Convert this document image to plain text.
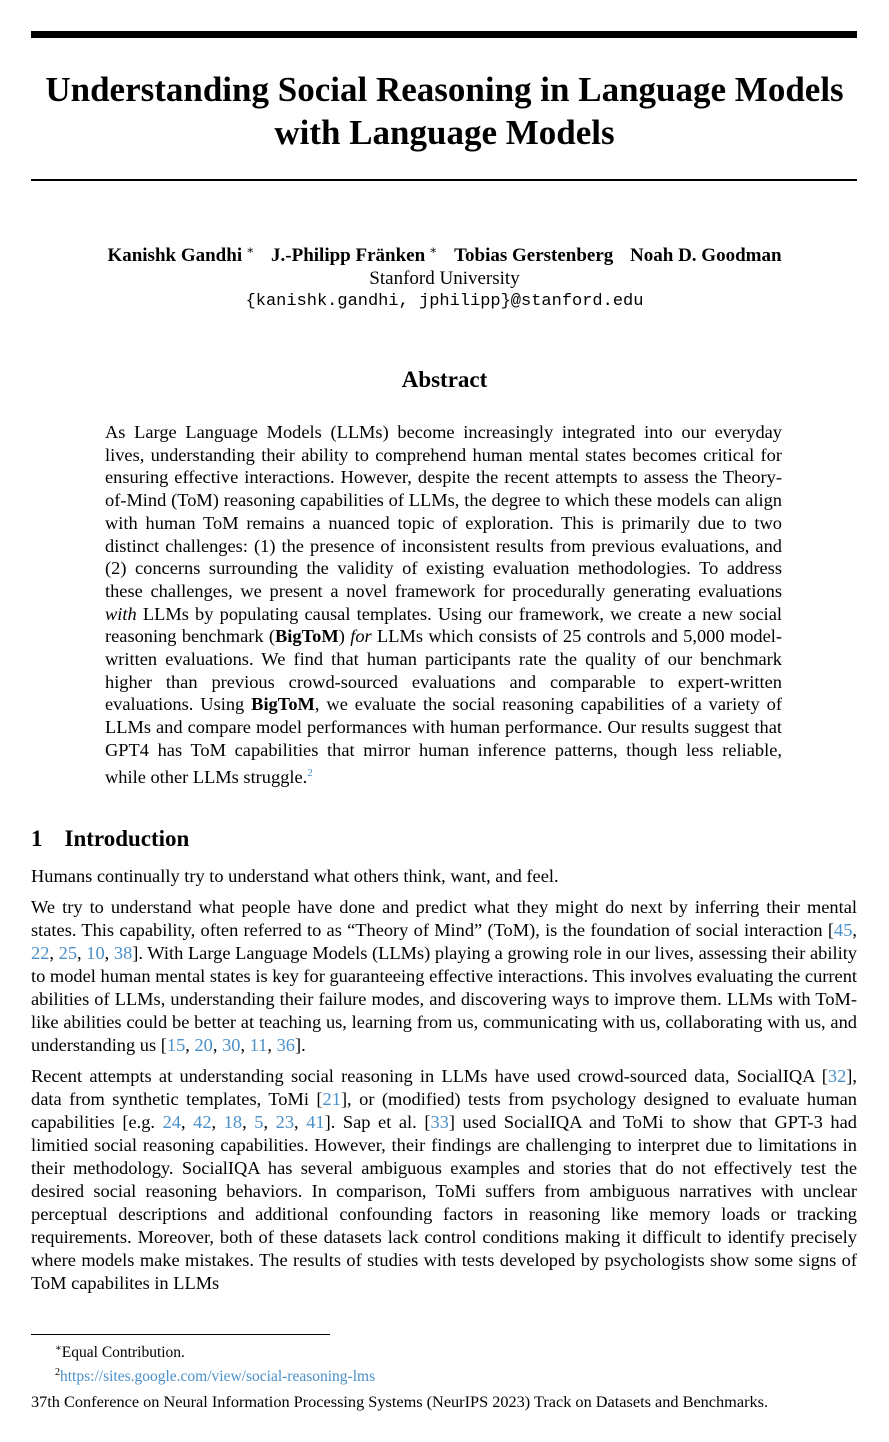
Understanding Social Reasoning in Language Models
with Language Models
Kanishk Gandhi ∗ J.-Philipp Fränken ∗ Tobias Gerstenberg Noah D. Goodman
Stanford University
{kanishk.gandhi, jphilipp}@stanford.edu
Abstract

As Large Language Models (LLMs) become increasingly integrated into our everyday lives, understanding their ability to comprehend human mental states becomes critical for ensuring effective interactions. However, despite the recent attempts to assess the Theory-of-Mind (ToM) reasoning capabilities of LLMs, the degree to which these models can align with human ToM remains a nuanced topic of exploration. This is primarily due to two distinct challenges: (1) the presence of inconsistent results from previous evaluations, and (2) concerns surrounding the validity of existing evaluation methodologies. To address these challenges, we present a novel framework for procedurally generating evaluations with LLMs by populating causal templates. Using our framework, we create a new social reasoning benchmark (BigToM) for LLMs which consists of 25 controls and 5,000 model-written evaluations. We find that human participants rate the quality of our benchmark higher than previous crowd-sourced evaluations and comparable to expert-written evaluations. Using BigToM, we evaluate the social reasoning capabilities of a variety of LLMs and compare model performances with human performance. Our results suggest that GPT4 has ToM capabilities that mirror human inference patterns, though less reliable, while other LLMs struggle.$^2$

1 Introduction

Humans continually try to understand what others think, want, and feel.

We try to understand what people have done and predict what they might do next by inferring their mental states. This capability, often referred to as “Theory of Mind” (ToM), is the foundation of social interaction [45, 22, 25, 10, 38]. With Large Language Models (LLMs) playing a growing role in our lives, assessing their ability to model human mental states is key for guaranteeing effective interactions. This involves evaluating the current abilities of LLMs, understanding their failure modes, and discovering ways to improve them. LLMs with ToM-like abilities could be better at teaching us, learning from us, communicating with us, collaborating with us, and understanding us [15, 20, 30, 11, 36].

Recent attempts at understanding social reasoning in LLMs have used crowd-sourced data, SocialIQA [32], data from synthetic templates, ToMi [21], or (modified) tests from psychology designed to evaluate human capabilities [e.g. 24, 42, 18, 5, 23, 41]. Sap et al. [33] used SocialIQA and ToMi to show that GPT-3 had limitied social reasoning capabilities. However, their findings are challenging to interpret due to limitations in their methodology. SocialIQA has several ambiguous examples and stories that do not effectively test the desired social reasoning behaviors. In comparison, ToMi suffers from ambiguous narratives with unclear perceptual descriptions and additional confounding factors in reasoning like memory loads or tracking requirements. Moreover, both of these datasets lack control conditions making it difficult to identify precisely where models make mistakes. The results of studies with tests developed by psychologists show some signs of ToM capabilites in LLMs

∗Equal Contribution.
$^2$https://sites.google.com/view/social-reasoning-lms
37th Conference on Neural Information Processing Systems (NeurIPS 2023) Track on Datasets and Benchmarks.
